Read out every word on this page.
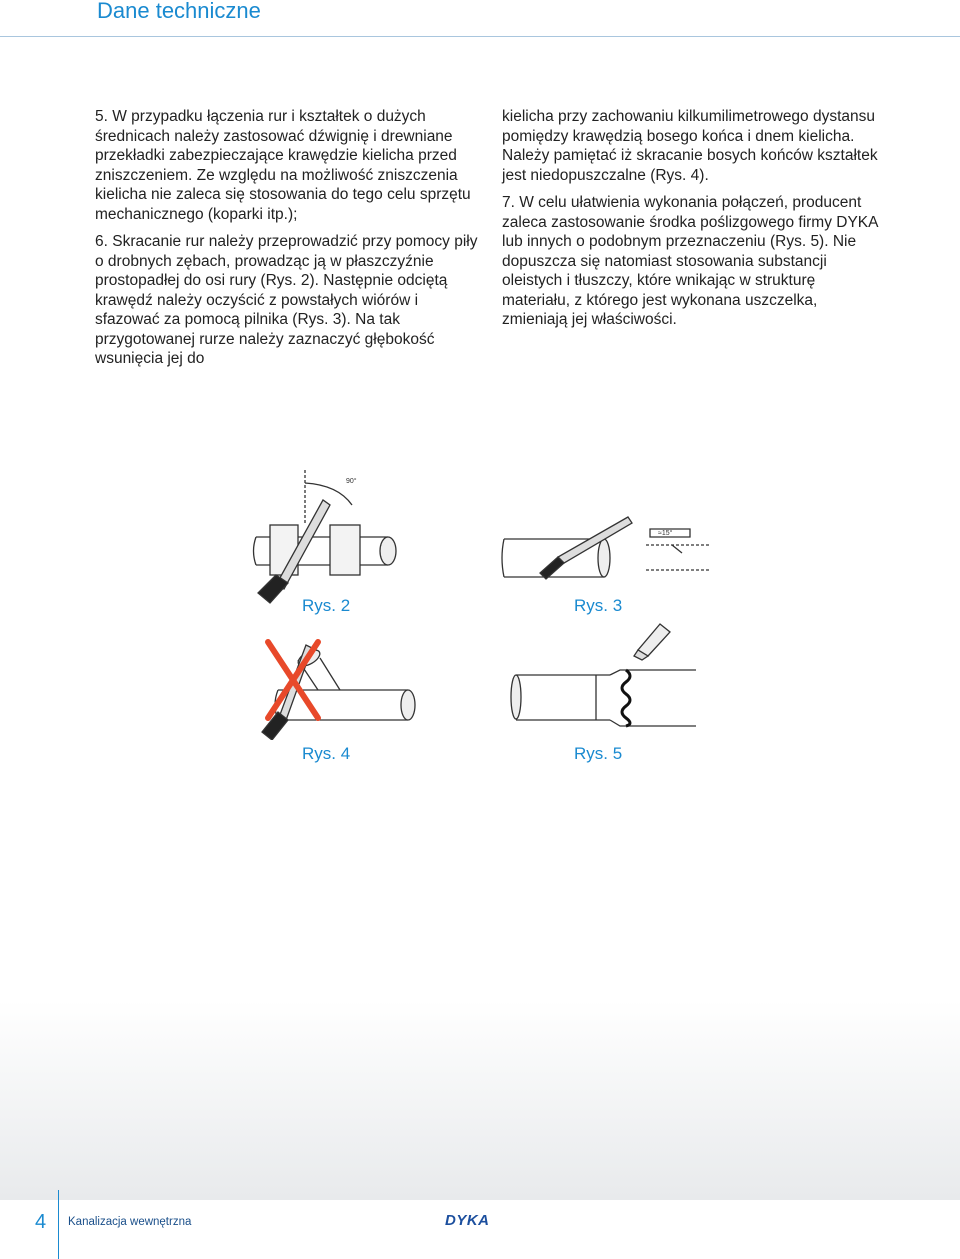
Dane techniczne

5. W przypadku łączenia rur i kształtek o dużych średnicach należy zastosować dźwignię i drewniane przekładki zabezpieczające krawędzie kielicha przed zniszczeniem. Ze względu na możliwość zniszczenia kielicha nie zaleca się stosowania do tego celu sprzętu mechanicznego (koparki itp.);

6. Skracanie rur należy przeprowadzić przy pomocy piły o drobnych zębach, prowadząc ją w płaszczyźnie prostopadłej do osi rury (Rys. 2). Następnie odciętą krawędź należy oczyścić z powstałych wiórów i sfazować za pomocą pilnika (Rys. 3). Na tak przygotowanej rurze należy zaznaczyć głębokość wsunięcia jej do

kielicha przy zachowaniu kilkumilimetrowego dystansu pomiędzy krawędzią bosego końca i dnem kielicha. Należy pamiętać iż skracanie bosych końców kształtek jest niedopuszczalne (Rys. 4).

7. W celu ułatwienia wykonania połączeń, producent zaleca zastosowanie środka poślizgowego firmy DYKA lub innych o podobnym przeznaczeniu (Rys. 5). Nie dopuszcza się natomiast stosowania substancji oleistych i tłuszczy, które wnikając w strukturę materiału, z którego jest wykonana uszczelka, zmieniają jej właściwości.

90°
Rys. 2
≈15°
Rys. 3
Rys. 4	Rys. 5
4 Kanalizacja wewnętrzna	DYKA
